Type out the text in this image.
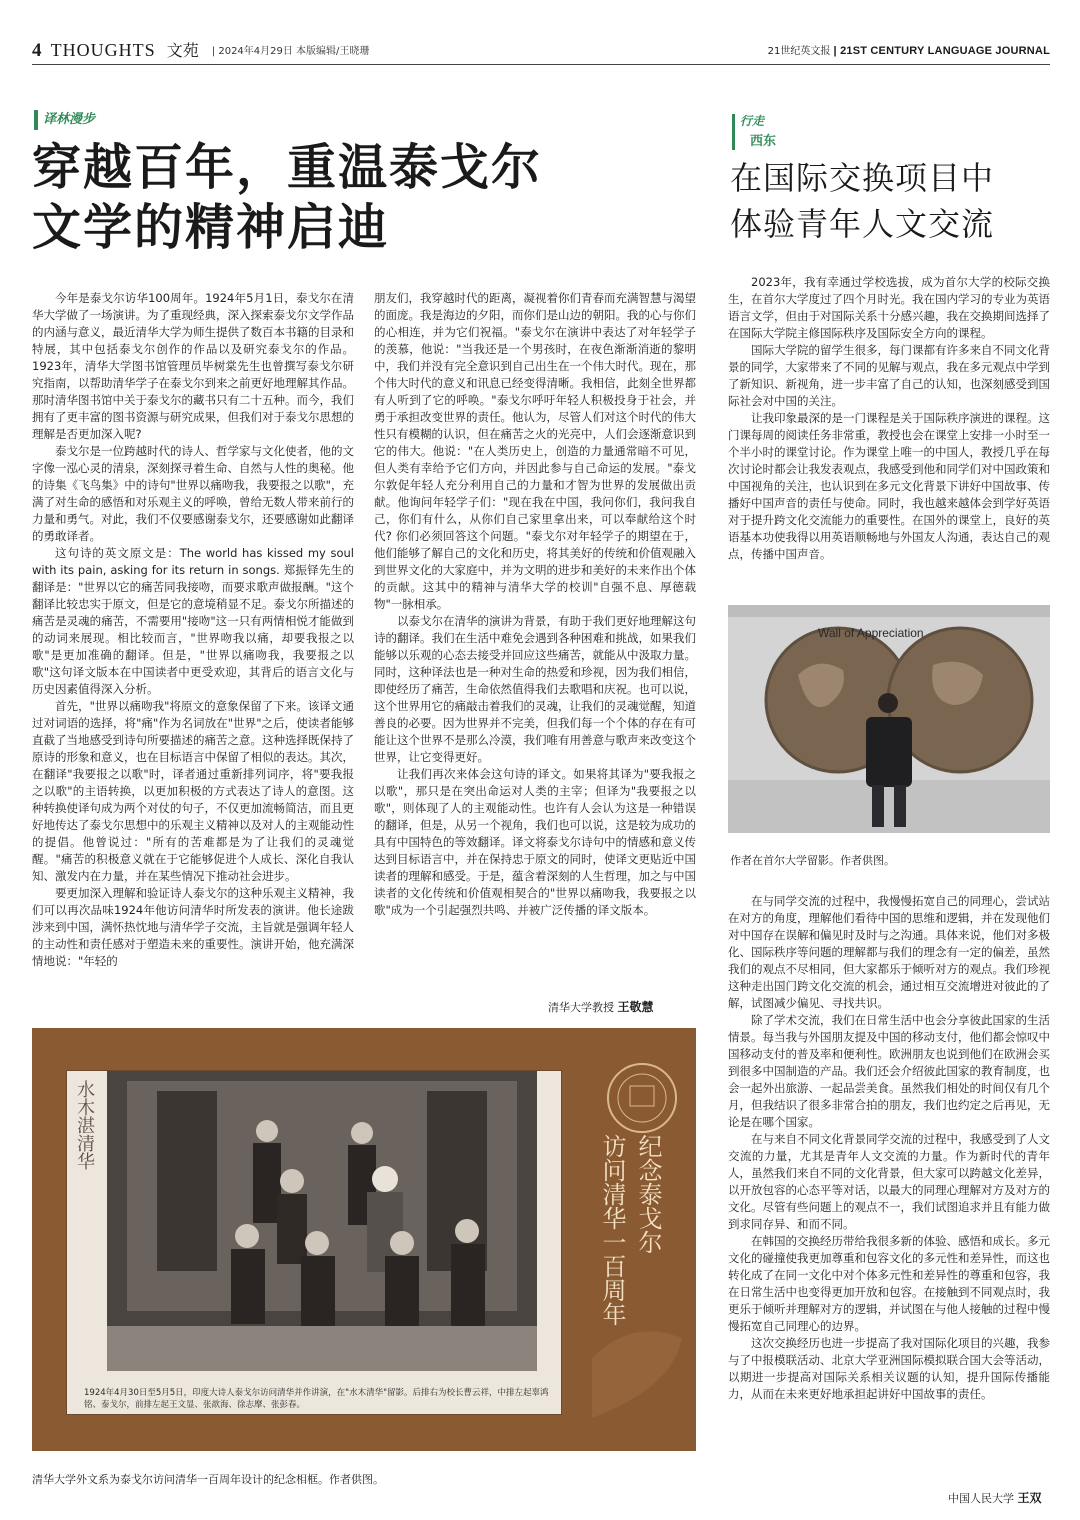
4 THOUGHTS 文苑 | 2024年4月29日 本版编辑/王晓珊	21世纪英文报 | 21ST CENTURY LANGUAGE JOURNAL
译林漫步
穿越百年，重温泰戈尔
文学的精神启迪

今年是泰戈尔访华100周年。1924年5月1日，泰戈尔在清华大学做了一场演讲。为了重现经典，深入探索泰戈尔文学作品的内涵与意义，最近清华大学为师生提供了数百本书籍的目录和特展，其中包括泰戈尔创作的作品以及研究泰戈尔的作品。1923年，清华大学图书馆管理员毕树棠先生也曾撰写泰戈尔研究指南，以帮助清华学子在泰戈尔到来之前更好地理解其作品。那时清华图书馆中关于泰戈尔的藏书只有二十五种。而今，我们拥有了更丰富的图书资源与研究成果，但我们对于泰戈尔思想的理解是否更加深入呢?

泰戈尔是一位跨越时代的诗人、哲学家与文化使者，他的文字像一泓心灵的清泉，深刻探寻着生命、自然与人性的奥秘。他的诗集《飞鸟集》中的诗句"世界以痛吻我，我要报之以歌"，充满了对生命的感悟和对乐观主义的呼唤，曾给无数人带来前行的力量和勇气。对此，我们不仅要感谢泰戈尔，还要感谢如此翻译的勇敢译者。

这句诗的英文原文是：The world has kissed my soul with its pain, asking for its return in songs. 郑振铎先生的翻译是："世界以它的痛苦同我接吻，而要求歌声做报酬。"这个翻译比较忠实于原文，但是它的意境稍显不足。泰戈尔所描述的痛苦是灵魂的痛苦，不需要用"接吻"这一只有两情相悦才能做到的动词来展现。相比较而言，"世界吻我以痛，却要我报之以歌"是更加准确的翻译。但是，"世界以痛吻我，我要报之以歌"这句译文版本在中国读者中更受欢迎，其背后的语言文化与历史因素值得深入分析。

首先，"世界以痛吻我"将原文的意象保留了下来。该译文通过对词语的选择，将"痛"作为名词放在"世界"之后，使读者能够直截了当地感受到诗句所要描述的痛苦之意。这种选择既保持了原诗的形象和意义，也在目标语言中保留了相似的表达。其次，在翻译"我要报之以歌"时，译者通过重新排列词序，将"要我报之以歌"的主语转换，以更加积极的方式表达了诗人的意图。这种转换使译句成为两个对仗的句子，不仅更加流畅简洁，而且更好地传达了泰戈尔思想中的乐观主义精神以及对人的主观能动性的提倡。他曾说过："所有的苦难都是为了让我们的灵魂觉醒。"痛苦的积极意义就在于它能够促进个人成长、深化自我认知、激发内在力量，并在某些情况下推动社会进步。

要更加深入理解和验证诗人泰戈尔的这种乐观主义精神，我们可以再次品味1924年他访问清华时所发表的演讲。他长途跋涉来到中国，满怀热忱地与清华学子交流，主旨就是强调年轻人的主动性和责任感对于塑造未来的重要性。演讲开始，他充满深情地说："年轻的

朋友们，我穿越时代的距离，凝视着你们青春而充满智慧与渴望的面庞。我是海边的夕阳，而你们是山边的朝阳。我的心与你们的心相连，并为它们祝福。"泰戈尔在演讲中表达了对年轻学子的羡慕，他说："当我还是一个男孩时，在夜色渐渐消逝的黎明中，我们并没有完全意识到自己出生在一个伟大时代。现在，那个伟大时代的意义和讯息已经变得清晰。我相信，此刻全世界都有人听到了它的呼唤。"泰戈尔呼吁年轻人积极投身于社会，并勇于承担改变世界的责任。他认为，尽管人们对这个时代的伟大性只有模糊的认识，但在痛苦之火的光亮中，人们会逐渐意识到它的伟大。他说："在人类历史上，创造的力量通常暗不可见，但人类有幸给予它们方向，并因此参与自己命运的发展。"泰戈尔敦促年轻人充分利用自己的力量和才智为世界的发展做出贡献。他询问年轻学子们："现在我在中国，我问你们，我问我自己，你们有什么，从你们自己家里拿出来，可以奉献给这个时代? 你们必须回答这个问题。"泰戈尔对年轻学子的期望在于，他们能够了解自己的文化和历史，将其美好的传统和价值观融入到世界文化的大家庭中，并为文明的进步和美好的未来作出个体的贡献。这其中的精神与清华大学的校训"自强不息、厚德载物"一脉相承。

以泰戈尔在清华的演讲为背景，有助于我们更好地理解这句诗的翻译。我们在生活中难免会遇到各种困难和挑战，如果我们能够以乐观的心态去接受并回应这些痛苦，就能从中汲取力量。同时，这种译法也是一种对生命的热爱和珍视，因为我们相信，即使经历了痛苦，生命依然值得我们去歌唱和庆祝。也可以说，这个世界用它的痛敲击着我们的灵魂，让我们的灵魂觉醒，知道善良的必要。因为世界并不完美，但我们每一个个体的存在有可能让这个世界不是那么冷漠，我们唯有用善意与歌声来改变这个世界，让它变得更好。

让我们再次来体会这句诗的译文。如果将其译为"要我报之以歌"，那只是在突出命运对人类的主宰；但译为"我要报之以歌"，则体现了人的主观能动性。也许有人会认为这是一种错误的翻译，但是，从另一个视角，我们也可以说，这是较为成功的具有中国特色的等效翻译。译文将泰戈尔诗句中的情感和意义传达到目标语言中，并在保持忠于原文的同时，使译文更贴近中国读者的理解和感受。于是，蕴含着深刻的人生哲理，加之与中国读者的文化传统和价值观相契合的"世界以痛吻我，我要报之以歌"成为一个引起强烈共鸣、并被广泛传播的译文版本。

清华大学教授 王敬慧
水木湛清华
1924年4月30日至5月5日，印度大诗人泰戈尔访问清华并作讲演，在"水木清华"留影。后排右为校长曹云祥，中排左起辜鸿铭、泰戈尔，前排左起王文显、张歆海、徐志摩、张彭春。
纪念泰戈尔
访问清华一百周年
清华大学外文系为泰戈尔访问清华一百周年设计的纪念相框。作者供图。
行走
西东
在国际交换项目中
体验青年人文交流

2023年，我有幸通过学校选拔，成为首尔大学的校际交换生，在首尔大学度过了四个月时光。我在国内学习的专业为英语语言文学，但由于对国际关系十分感兴趣，我在交换期间选择了在国际大学院主修国际秩序及国际安全方向的课程。

国际大学院的留学生很多，每门课都有许多来自不同文化背景的同学，大家带来了不同的见解与观点，我在多元观点中学到了新知识、新视角，进一步丰富了自己的认知，也深刻感受到国际社会对中国的关注。

让我印象最深的是一门课程是关于国际秩序演进的课程。这门课每周的阅读任务非常重，教授也会在课堂上安排一小时至一个半小时的课堂讨论。作为课堂上唯一的中国人，教授几乎在每次讨论时都会让我发表观点，我感受到他和同学们对中国政策和中国视角的关注，也认识到在多元文化背景下讲好中国故事、传播好中国声音的责任与使命。同时，我也越来越体会到学好英语对于提升跨文化交流能力的重要性。在国外的课堂上，良好的英语基本功使我得以用英语顺畅地与外国友人沟通，表达自己的观点，传播中国声音。

Wall of Appreciation
作者在首尔大学留影。作者供图。

在与同学交流的过程中，我慢慢拓宽自己的同理心，尝试站在对方的角度，理解他们看待中国的思维和逻辑，并在发现他们对中国存在误解和偏见时及时与之沟通。具体来说，他们对多极化、国际秩序等问题的理解都与我们的理念有一定的偏差，虽然我们的观点不尽相同，但大家都乐于倾听对方的观点。我们珍视这种走出国门跨文化交流的机会，通过相互交流增进对彼此的了解，试图减少偏见、寻找共识。

除了学术交流，我们在日常生活中也会分享彼此国家的生活情景。每当我与外国朋友提及中国的移动支付，他们都会惊叹中国移动支付的普及率和便利性。欧洲朋友也说到他们在欧洲会买到很多中国制造的产品。我们还会介绍彼此国家的教育制度，也会一起外出旅游、一起品尝美食。虽然我们相处的时间仅有几个月，但我结识了很多非常合拍的朋友，我们也约定之后再见，无论是在哪个国家。

在与来自不同文化背景同学交流的过程中，我感受到了人文交流的力量，尤其是青年人文交流的力量。作为新时代的青年人，虽然我们来自不同的文化背景，但大家可以跨越文化差异，以开放包容的心态平等对话，以最大的同理心理解对方及对方的文化。尽管有些问题上的观点不一，我们试图追求并且有能力做到求同存异、和而不同。

在韩国的交换经历带给我很多新的体验、感悟和成长。多元文化的碰撞使我更加尊重和包容文化的多元性和差异性，而这也转化成了在同一文化中对个体多元性和差异性的尊重和包容，我在日常生活中也变得更加开放和包容。在接触到不同观点时，我更乐于倾听并理解对方的逻辑，并试图在与他人接触的过程中慢慢拓宽自己同理心的边界。

这次交换经历也进一步提高了我对国际化项目的兴趣，我参与了中报模联活动、北京大学亚洲国际模拟联合国大会等活动，以期进一步提高对国际关系相关议题的认知，提升国际传播能力，从而在未来更好地承担起讲好中国故事的责任。

中国人民大学 王双
